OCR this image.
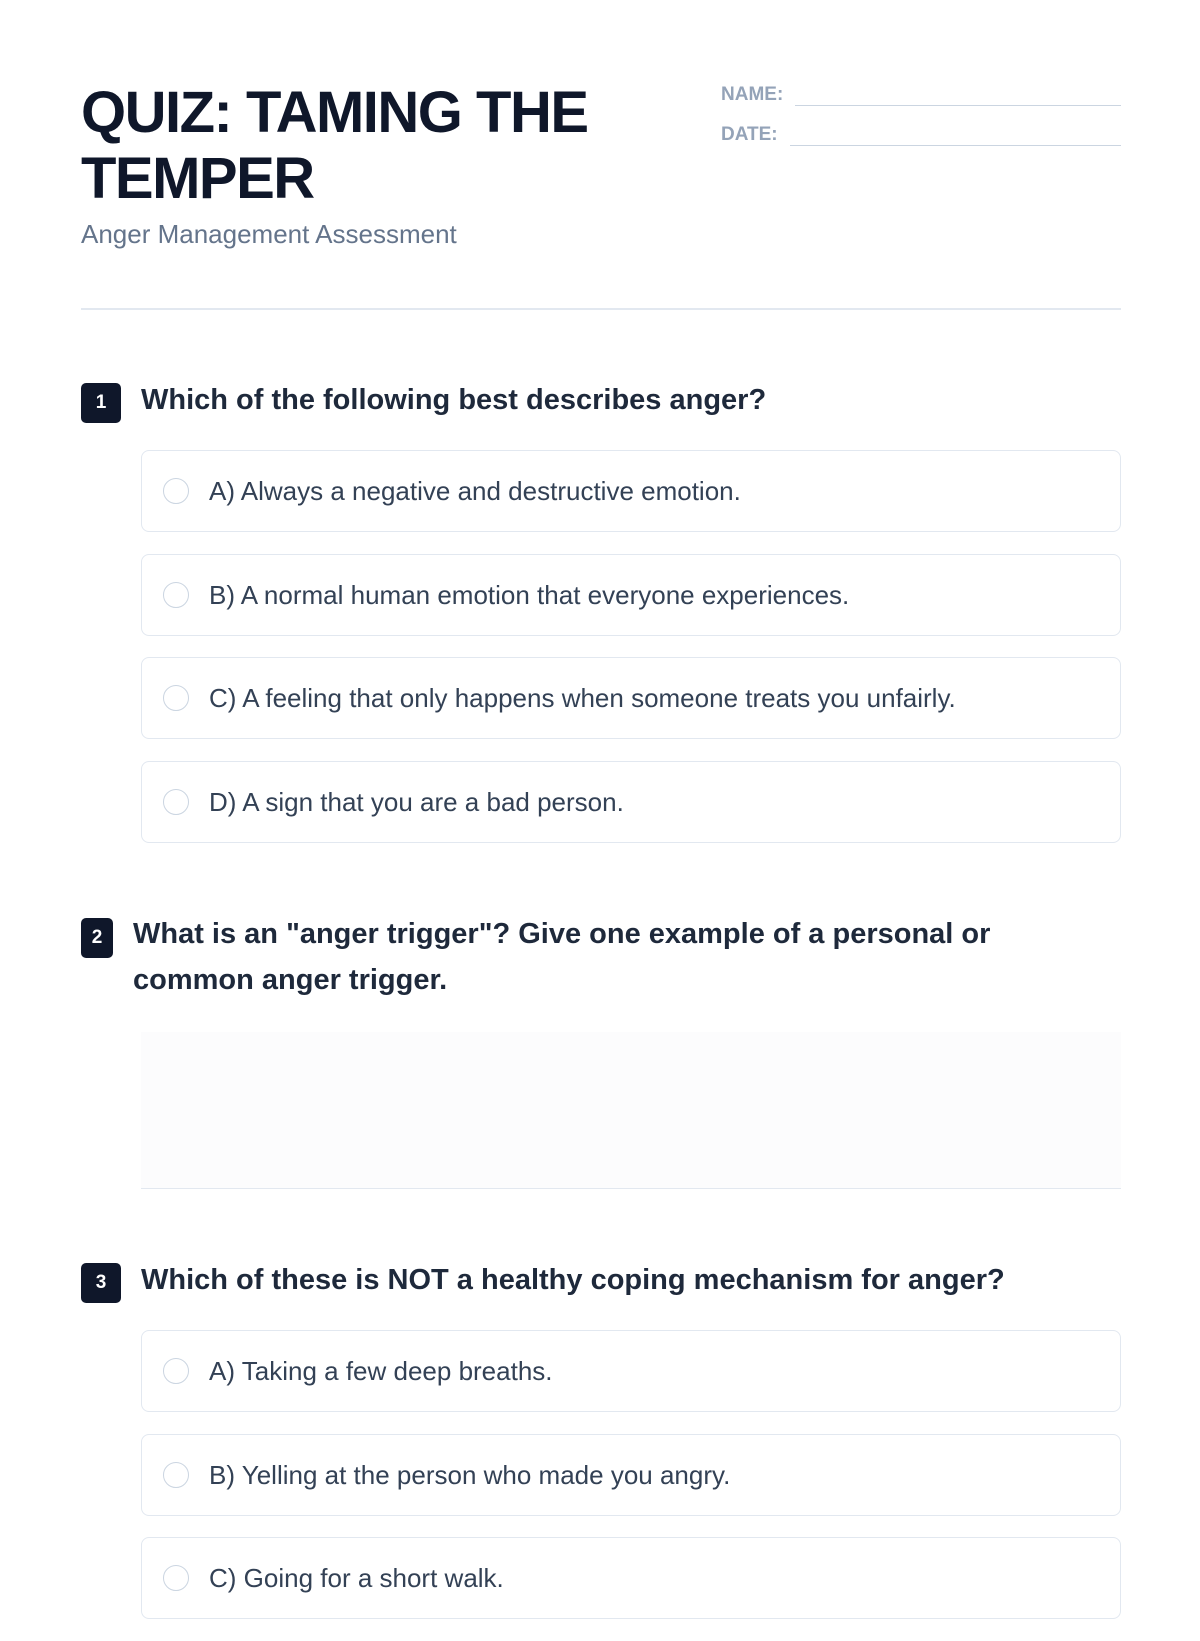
QUIZ: TAMING THE TEMPER

Anger Management Assessment

NAME:
DATE:
1	Which of the following best describes anger?

A) Always a negative and destructive emotion.
B) A normal human emotion that everyone experiences.
C) A feeling that only happens when someone treats you unfairly.
D) A sign that you are a bad person.
2	What is an "anger trigger"? Give one example of a personal or common anger trigger.

3	Which of these is NOT a healthy coping mechanism for anger?

A) Taking a few deep breaths.
B) Yelling at the person who made you angry.
C) Going for a short walk.
